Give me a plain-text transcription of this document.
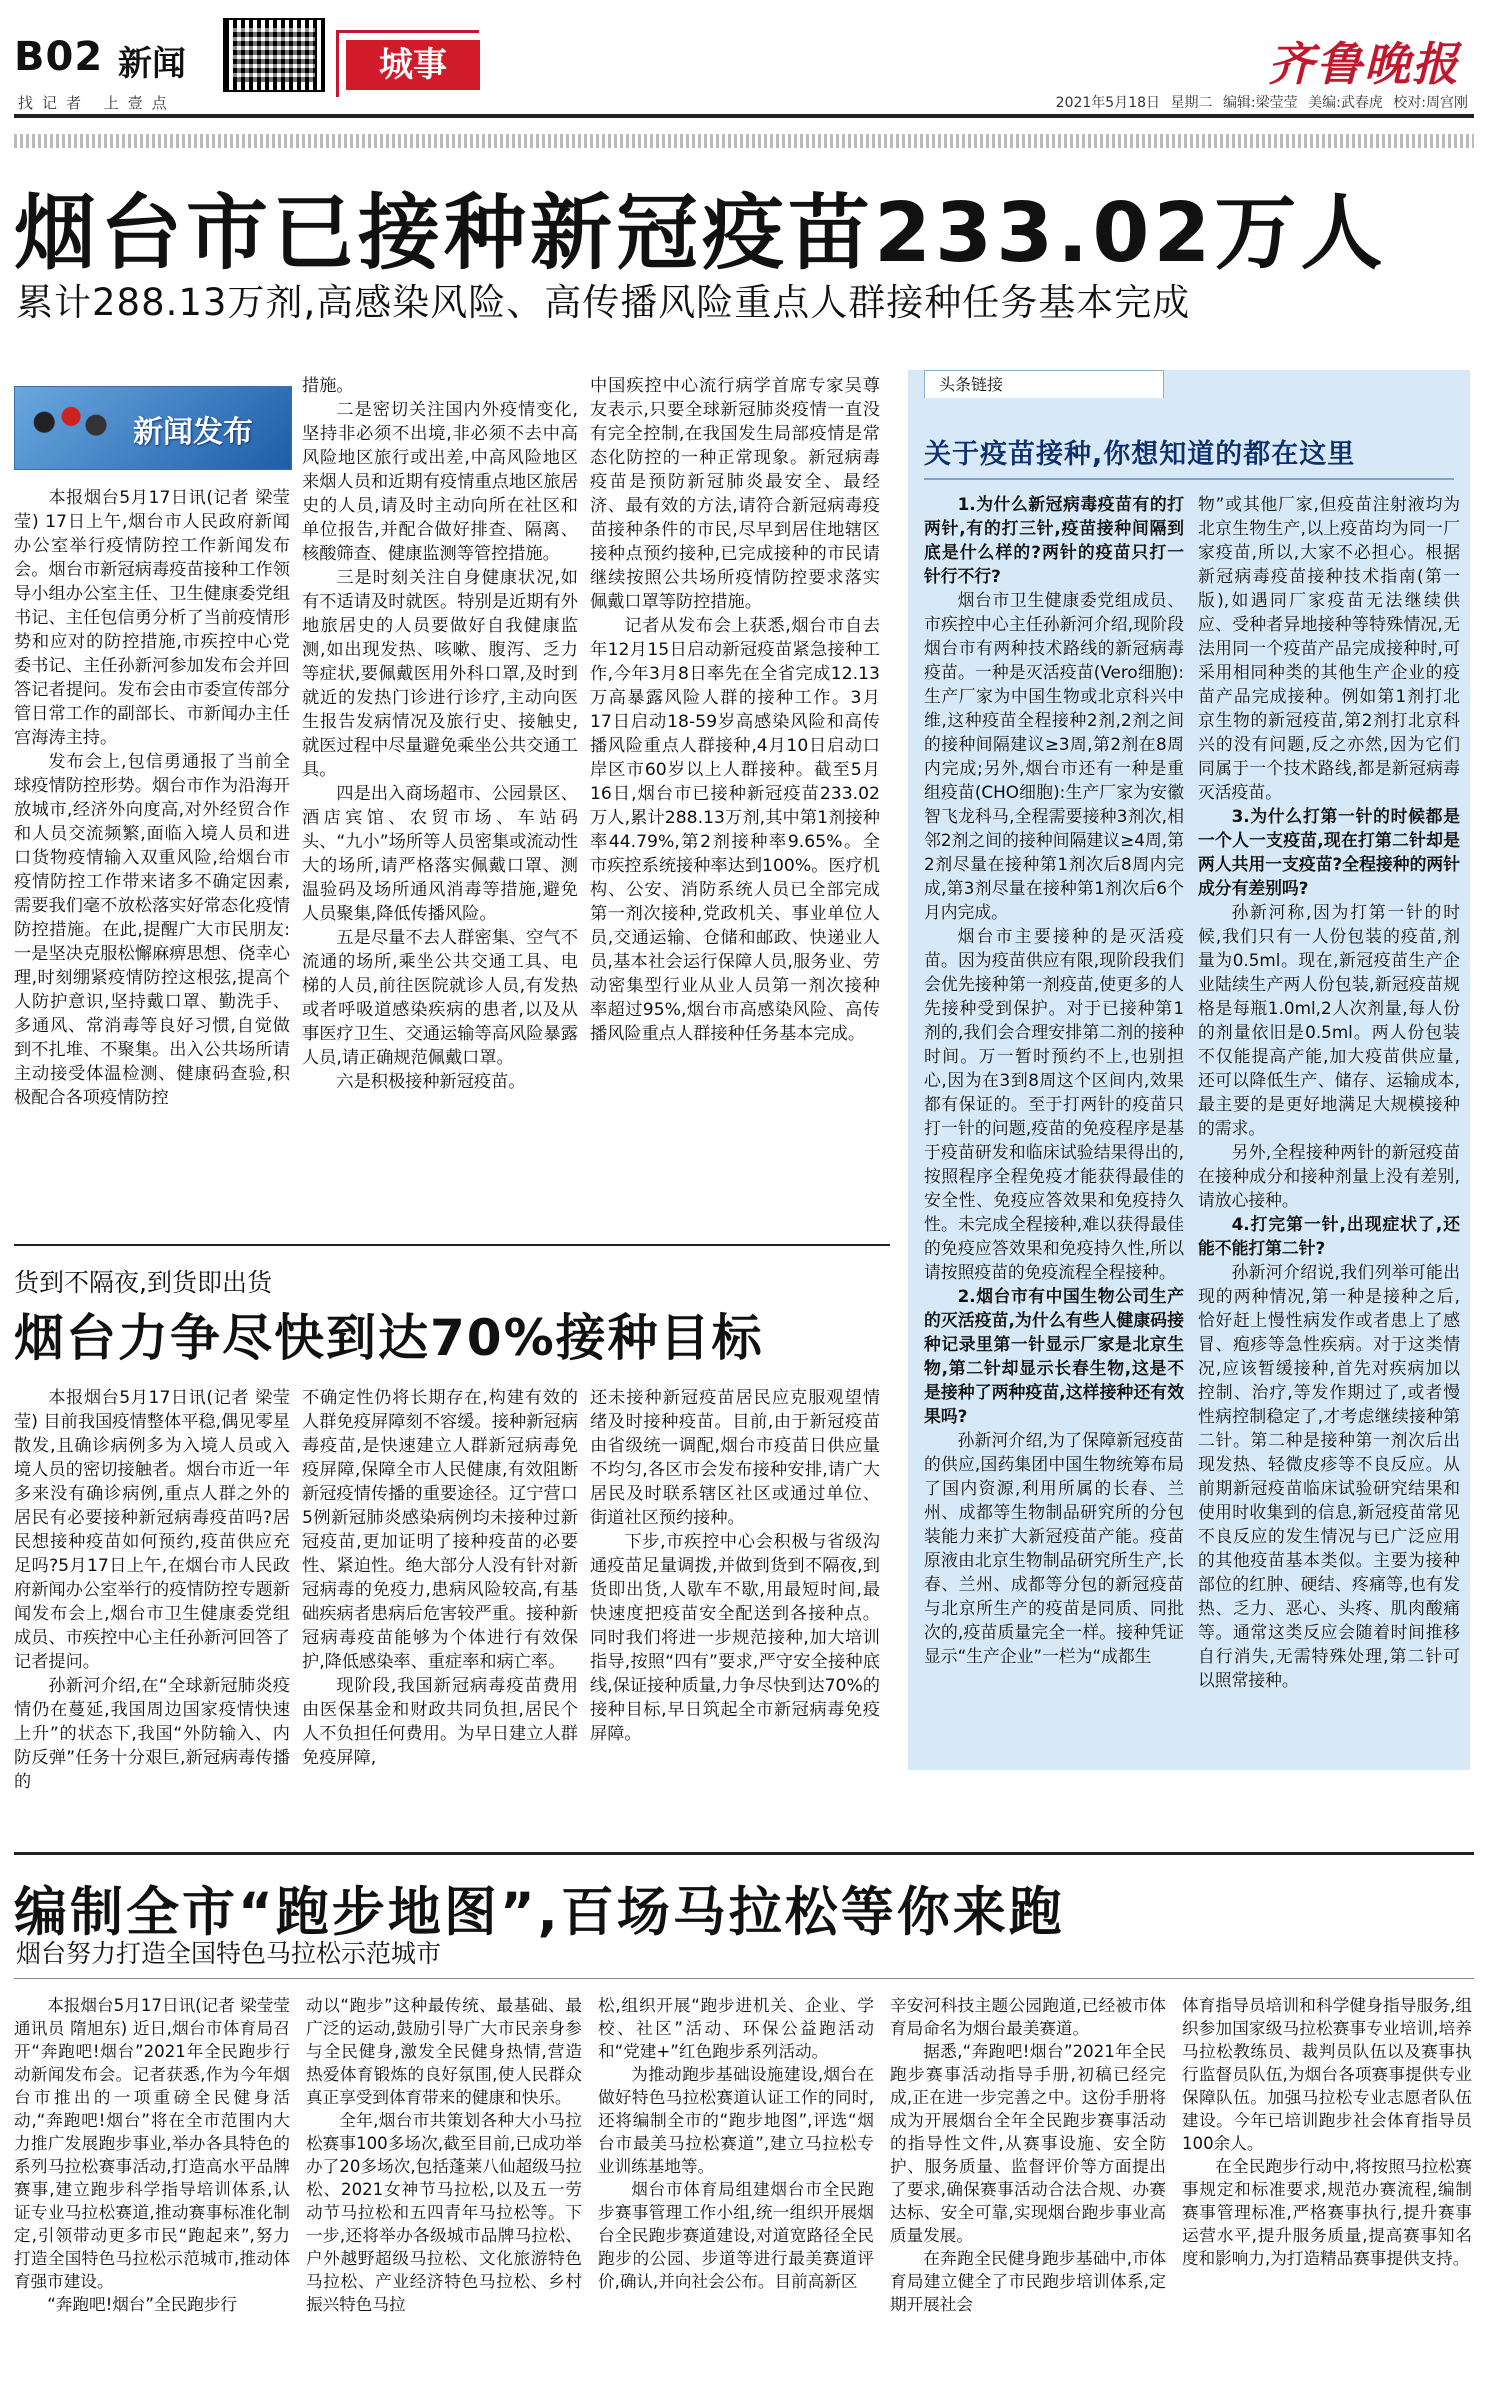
B02 新闻	城事	齐鲁晚报
找记者 上壹点	2021年5月18日 星期二 编辑:梁莹莹 美编:武春虎 校对:周宫刚
烟台市已接种新冠疫苗233.02万人
累计288.13万剂,高感染风险、高传播风险重点人群接种任务基本完成
新闻发布

本报烟台5月17日讯(记者 梁莹莹) 17日上午,烟台市人民政府新闻办公室举行疫情防控工作新闻发布会。烟台市新冠病毒疫苗接种工作领导小组办公室主任、卫生健康委党组书记、主任包信勇分析了当前疫情形势和应对的防控措施,市疾控中心党委书记、主任孙新河参加发布会并回答记者提问。发布会由市委宣传部分管日常工作的副部长、市新闻办主任宫海涛主持。

发布会上,包信勇通报了当前全球疫情防控形势。烟台市作为沿海开放城市,经济外向度高,对外经贸合作和人员交流频繁,面临入境人员和进口货物疫情输入双重风险,给烟台市疫情防控工作带来诸多不确定因素,需要我们毫不放松落实好常态化疫情防控措施。在此,提醒广大市民朋友:一是坚决克服松懈麻痹思想、侥幸心理,时刻绷紧疫情防控这根弦,提高个人防护意识,坚持戴口罩、勤洗手、多通风、常消毒等良好习惯,自觉做到不扎堆、不聚集。出入公共场所请主动接受体温检测、健康码查验,积极配合各项疫情防控

措施。

二是密切关注国内外疫情变化,坚持非必须不出境,非必须不去中高风险地区旅行或出差,中高风险地区来烟人员和近期有疫情重点地区旅居史的人员,请及时主动向所在社区和单位报告,并配合做好排查、隔离、核酸筛查、健康监测等管控措施。

三是时刻关注自身健康状况,如有不适请及时就医。特别是近期有外地旅居史的人员要做好自我健康监测,如出现发热、咳嗽、腹泻、乏力等症状,要佩戴医用外科口罩,及时到就近的发热门诊进行诊疗,主动向医生报告发病情况及旅行史、接触史,就医过程中尽量避免乘坐公共交通工具。

四是出入商场超市、公园景区、酒店宾馆、农贸市场、车站码头、“九小”场所等人员密集或流动性大的场所,请严格落实佩戴口罩、测温验码及场所通风消毒等措施,避免人员聚集,降低传播风险。

五是尽量不去人群密集、空气不流通的场所,乘坐公共交通工具、电梯的人员,前往医院就诊人员,有发热或者呼吸道感染疾病的患者,以及从事医疗卫生、交通运输等高风险暴露人员,请正确规范佩戴口罩。

六是积极接种新冠疫苗。

中国疾控中心流行病学首席专家吴尊友表示,只要全球新冠肺炎疫情一直没有完全控制,在我国发生局部疫情是常态化防控的一种正常现象。新冠病毒疫苗是预防新冠肺炎最安全、最经济、最有效的方法,请符合新冠病毒疫苗接种条件的市民,尽早到居住地辖区接种点预约接种,已完成接种的市民请继续按照公共场所疫情防控要求落实佩戴口罩等防控措施。

记者从发布会上获悉,烟台市自去年12月15日启动新冠疫苗紧急接种工作,今年3月8日率先在全省完成12.13万高暴露风险人群的接种工作。3月17日启动18-59岁高感染风险和高传播风险重点人群接种,4月10日启动口岸区市60岁以上人群接种。截至5月16日,烟台市已接种新冠疫苗233.02万人,累计288.13万剂,其中第1剂接种率44.79%,第2剂接种率9.65%。全市疾控系统接种率达到100%。医疗机构、公安、消防系统人员已全部完成第一剂次接种,党政机关、事业单位人员,交通运输、仓储和邮政、快递业人员,基本社会运行保障人员,服务业、劳动密集型行业从业人员第一剂次接种率超过95%,烟台市高感染风险、高传播风险重点人群接种任务基本完成。

头条链接
关于疫苗接种,你想知道的都在这里

1.为什么新冠病毒疫苗有的打两针,有的打三针,疫苗接种间隔到底是什么样的?两针的疫苗只打一针行不行?

烟台市卫生健康委党组成员、市疾控中心主任孙新河介绍,现阶段烟台市有两种技术路线的新冠病毒疫苗。一种是灭活疫苗(Vero细胞):生产厂家为中国生物或北京科兴中维,这种疫苗全程接种2剂,2剂之间的接种间隔建议≥3周,第2剂在8周内完成;另外,烟台市还有一种是重组疫苗(CHO细胞):生产厂家为安徽智飞龙科马,全程需要接种3剂次,相邻2剂之间的接种间隔建议≥4周,第2剂尽量在接种第1剂次后8周内完成,第3剂尽量在接种第1剂次后6个月内完成。

烟台市主要接种的是灭活疫苗。因为疫苗供应有限,现阶段我们会优先接种第一剂疫苗,使更多的人先接种受到保护。对于已接种第1剂的,我们会合理安排第二剂的接种时间。万一暂时预约不上,也别担心,因为在3到8周这个区间内,效果都有保证的。至于打两针的疫苗只打一针的问题,疫苗的免疫程序是基于疫苗研发和临床试验结果得出的,按照程序全程免疫才能获得最佳的安全性、免疫应答效果和免疫持久性。未完成全程接种,难以获得最佳的免疫应答效果和免疫持久性,所以请按照疫苗的免疫流程全程接种。

2.烟台市有中国生物公司生产的灭活疫苗,为什么有些人健康码接种记录里第一针显示厂家是北京生物,第二针却显示长春生物,这是不是接种了两种疫苗,这样接种还有效果吗?

孙新河介绍,为了保障新冠疫苗的供应,国药集团中国生物统筹布局了国内资源,利用所属的长春、兰州、成都等生物制品研究所的分包装能力来扩大新冠疫苗产能。疫苗原液由北京生物制品研究所生产,长春、兰州、成都等分包的新冠疫苗与北京所生产的疫苗是同质、同批次的,疫苗质量完全一样。接种凭证显示“生产企业”一栏为“成都生

物”或其他厂家,但疫苗注射液均为北京生物生产,以上疫苗均为同一厂家疫苗,所以,大家不必担心。根据新冠病毒疫苗接种技术指南(第一版),如遇同厂家疫苗无法继续供应、受种者异地接种等特殊情况,无法用同一个疫苗产品完成接种时,可采用相同种类的其他生产企业的疫苗产品完成接种。例如第1剂打北京生物的新冠疫苗,第2剂打北京科兴的没有问题,反之亦然,因为它们同属于一个技术路线,都是新冠病毒灭活疫苗。

3.为什么打第一针的时候都是一个人一支疫苗,现在打第二针却是两人共用一支疫苗?全程接种的两针成分有差别吗?

孙新河称,因为打第一针的时候,我们只有一人份包装的疫苗,剂量为0.5ml。现在,新冠疫苗生产企业陆续生产两人份包装,新冠疫苗规格是每瓶1.0ml,2人次剂量,每人份的剂量依旧是0.5ml。两人份包装不仅能提高产能,加大疫苗供应量,还可以降低生产、储存、运输成本,最主要的是更好地满足大规模接种的需求。

另外,全程接种两针的新冠疫苗在接种成分和接种剂量上没有差别,请放心接种。

4.打完第一针,出现症状了,还能不能打第二针?

孙新河介绍说,我们列举可能出现的两种情况,第一种是接种之后,恰好赶上慢性病发作或者患上了感冒、疱疹等急性疾病。对于这类情况,应该暂缓接种,首先对疾病加以控制、治疗,等发作期过了,或者慢性病控制稳定了,才考虑继续接种第二针。第二种是接种第一剂次后出现发热、轻微皮疹等不良反应。从前期新冠疫苗临床试验研究结果和使用时收集到的信息,新冠疫苗常见不良反应的发生情况与已广泛应用的其他疫苗基本类似。主要为接种部位的红肿、硬结、疼痛等,也有发热、乏力、恶心、头疼、肌肉酸痛等。通常这类反应会随着时间推移自行消失,无需特殊处理,第二针可以照常接种。

货到不隔夜,到货即出货
烟台力争尽快到达70%接种目标

本报烟台5月17日讯(记者 梁莹莹) 目前我国疫情整体平稳,偶见零星散发,且确诊病例多为入境人员或入境人员的密切接触者。烟台市近一年多来没有确诊病例,重点人群之外的居民有必要接种新冠病毒疫苗吗?居民想接种疫苗如何预约,疫苗供应充足吗?5月17日上午,在烟台市人民政府新闻办公室举行的疫情防控专题新闻发布会上,烟台市卫生健康委党组成员、市疾控中心主任孙新河回答了记者提问。

孙新河介绍,在“全球新冠肺炎疫情仍在蔓延,我国周边国家疫情快速上升”的状态下,我国“外防输入、内防反弹”任务十分艰巨,新冠病毒传播的

不确定性仍将长期存在,构建有效的人群免疫屏障刻不容缓。接种新冠病毒疫苗,是快速建立人群新冠病毒免疫屏障,保障全市人民健康,有效阻断新冠疫情传播的重要途径。辽宁营口5例新冠肺炎感染病例均未接种过新冠疫苗,更加证明了接种疫苗的必要性、紧迫性。绝大部分人没有针对新冠病毒的免疫力,患病风险较高,有基础疾病者患病后危害较严重。接种新冠病毒疫苗能够为个体进行有效保护,降低感染率、重症率和病亡率。

现阶段,我国新冠病毒疫苗费用由医保基金和财政共同负担,居民个人不负担任何费用。为早日建立人群免疫屏障,

还未接种新冠疫苗居民应克服观望情绪及时接种疫苗。目前,由于新冠疫苗由省级统一调配,烟台市疫苗日供应量不均匀,各区市会发布接种安排,请广大居民及时联系辖区社区或通过单位、街道社区预约接种。

下步,市疾控中心会积极与省级沟通疫苗足量调拨,并做到货到不隔夜,到货即出货,人歇车不歇,用最短时间,最快速度把疫苗安全配送到各接种点。同时我们将进一步规范接种,加大培训指导,按照“四有”要求,严守安全接种底线,保证接种质量,力争尽快到达70%的接种目标,早日筑起全市新冠病毒免疫屏障。

编制全市“跑步地图”,百场马拉松等你来跑
烟台努力打造全国特色马拉松示范城市

本报烟台5月17日讯(记者 梁莹莹 通讯员 隋旭东) 近日,烟台市体育局召开“奔跑吧!烟台”2021年全民跑步行动新闻发布会。记者获悉,作为今年烟台市推出的一项重磅全民健身活动,“奔跑吧!烟台”将在全市范围内大力推广发展跑步事业,举办各具特色的系列马拉松赛事活动,打造高水平品牌赛事,建立跑步科学指导培训体系,认证专业马拉松赛道,推动赛事标准化制定,引领带动更多市民“跑起来”,努力打造全国特色马拉松示范城市,推动体育强市建设。

“奔跑吧!烟台”全民跑步行

动以“跑步”这种最传统、最基础、最广泛的运动,鼓励引导广大市民亲身参与全民健身,激发全民健身热情,营造热爱体育锻炼的良好氛围,使人民群众真正享受到体育带来的健康和快乐。

全年,烟台市共策划各种大小马拉松赛事100多场次,截至目前,已成功举办了20多场次,包括蓬莱八仙超级马拉松、2021女神节马拉松,以及五一劳动节马拉松和五四青年马拉松等。下一步,还将举办各级城市品牌马拉松、户外越野超级马拉松、文化旅游特色马拉松、产业经济特色马拉松、乡村振兴特色马拉

松,组织开展“跑步进机关、企业、学校、社区”活动、环保公益跑活动和“党建+”红色跑步系列活动。

为推动跑步基础设施建设,烟台在做好特色马拉松赛道认证工作的同时,还将编制全市的“跑步地图”,评选“烟台市最美马拉松赛道”,建立马拉松专业训练基地等。

烟台市体育局组建烟台市全民跑步赛事管理工作小组,统一组织开展烟台全民跑步赛道建设,对道宽路径全民跑步的公园、步道等进行最美赛道评价,确认,并向社会公布。目前高新区

辛安河科技主题公园跑道,已经被市体育局命名为烟台最美赛道。

据悉,“奔跑吧!烟台”2021年全民跑步赛事活动指导手册,初稿已经完成,正在进一步完善之中。这份手册将成为开展烟台全年全民跑步赛事活动的指导性文件,从赛事设施、安全防护、服务质量、监督评价等方面提出了要求,确保赛事活动合法合规、办赛达标、安全可靠,实现烟台跑步事业高质量发展。

在奔跑全民健身跑步基础中,市体育局建立健全了市民跑步培训体系,定期开展社会

体育指导员培训和科学健身指导服务,组织参加国家级马拉松赛事专业培训,培养马拉松教练员、裁判员队伍以及赛事执行监督员队伍,为烟台各项赛事提供专业保障队伍。加强马拉松专业志愿者队伍建设。今年已培训跑步社会体育指导员100余人。

在全民跑步行动中,将按照马拉松赛事规定和标准要求,规范办赛流程,编制赛事管理标准,严格赛事执行,提升赛事运营水平,提升服务质量,提高赛事知名度和影响力,为打造精品赛事提供支持。
